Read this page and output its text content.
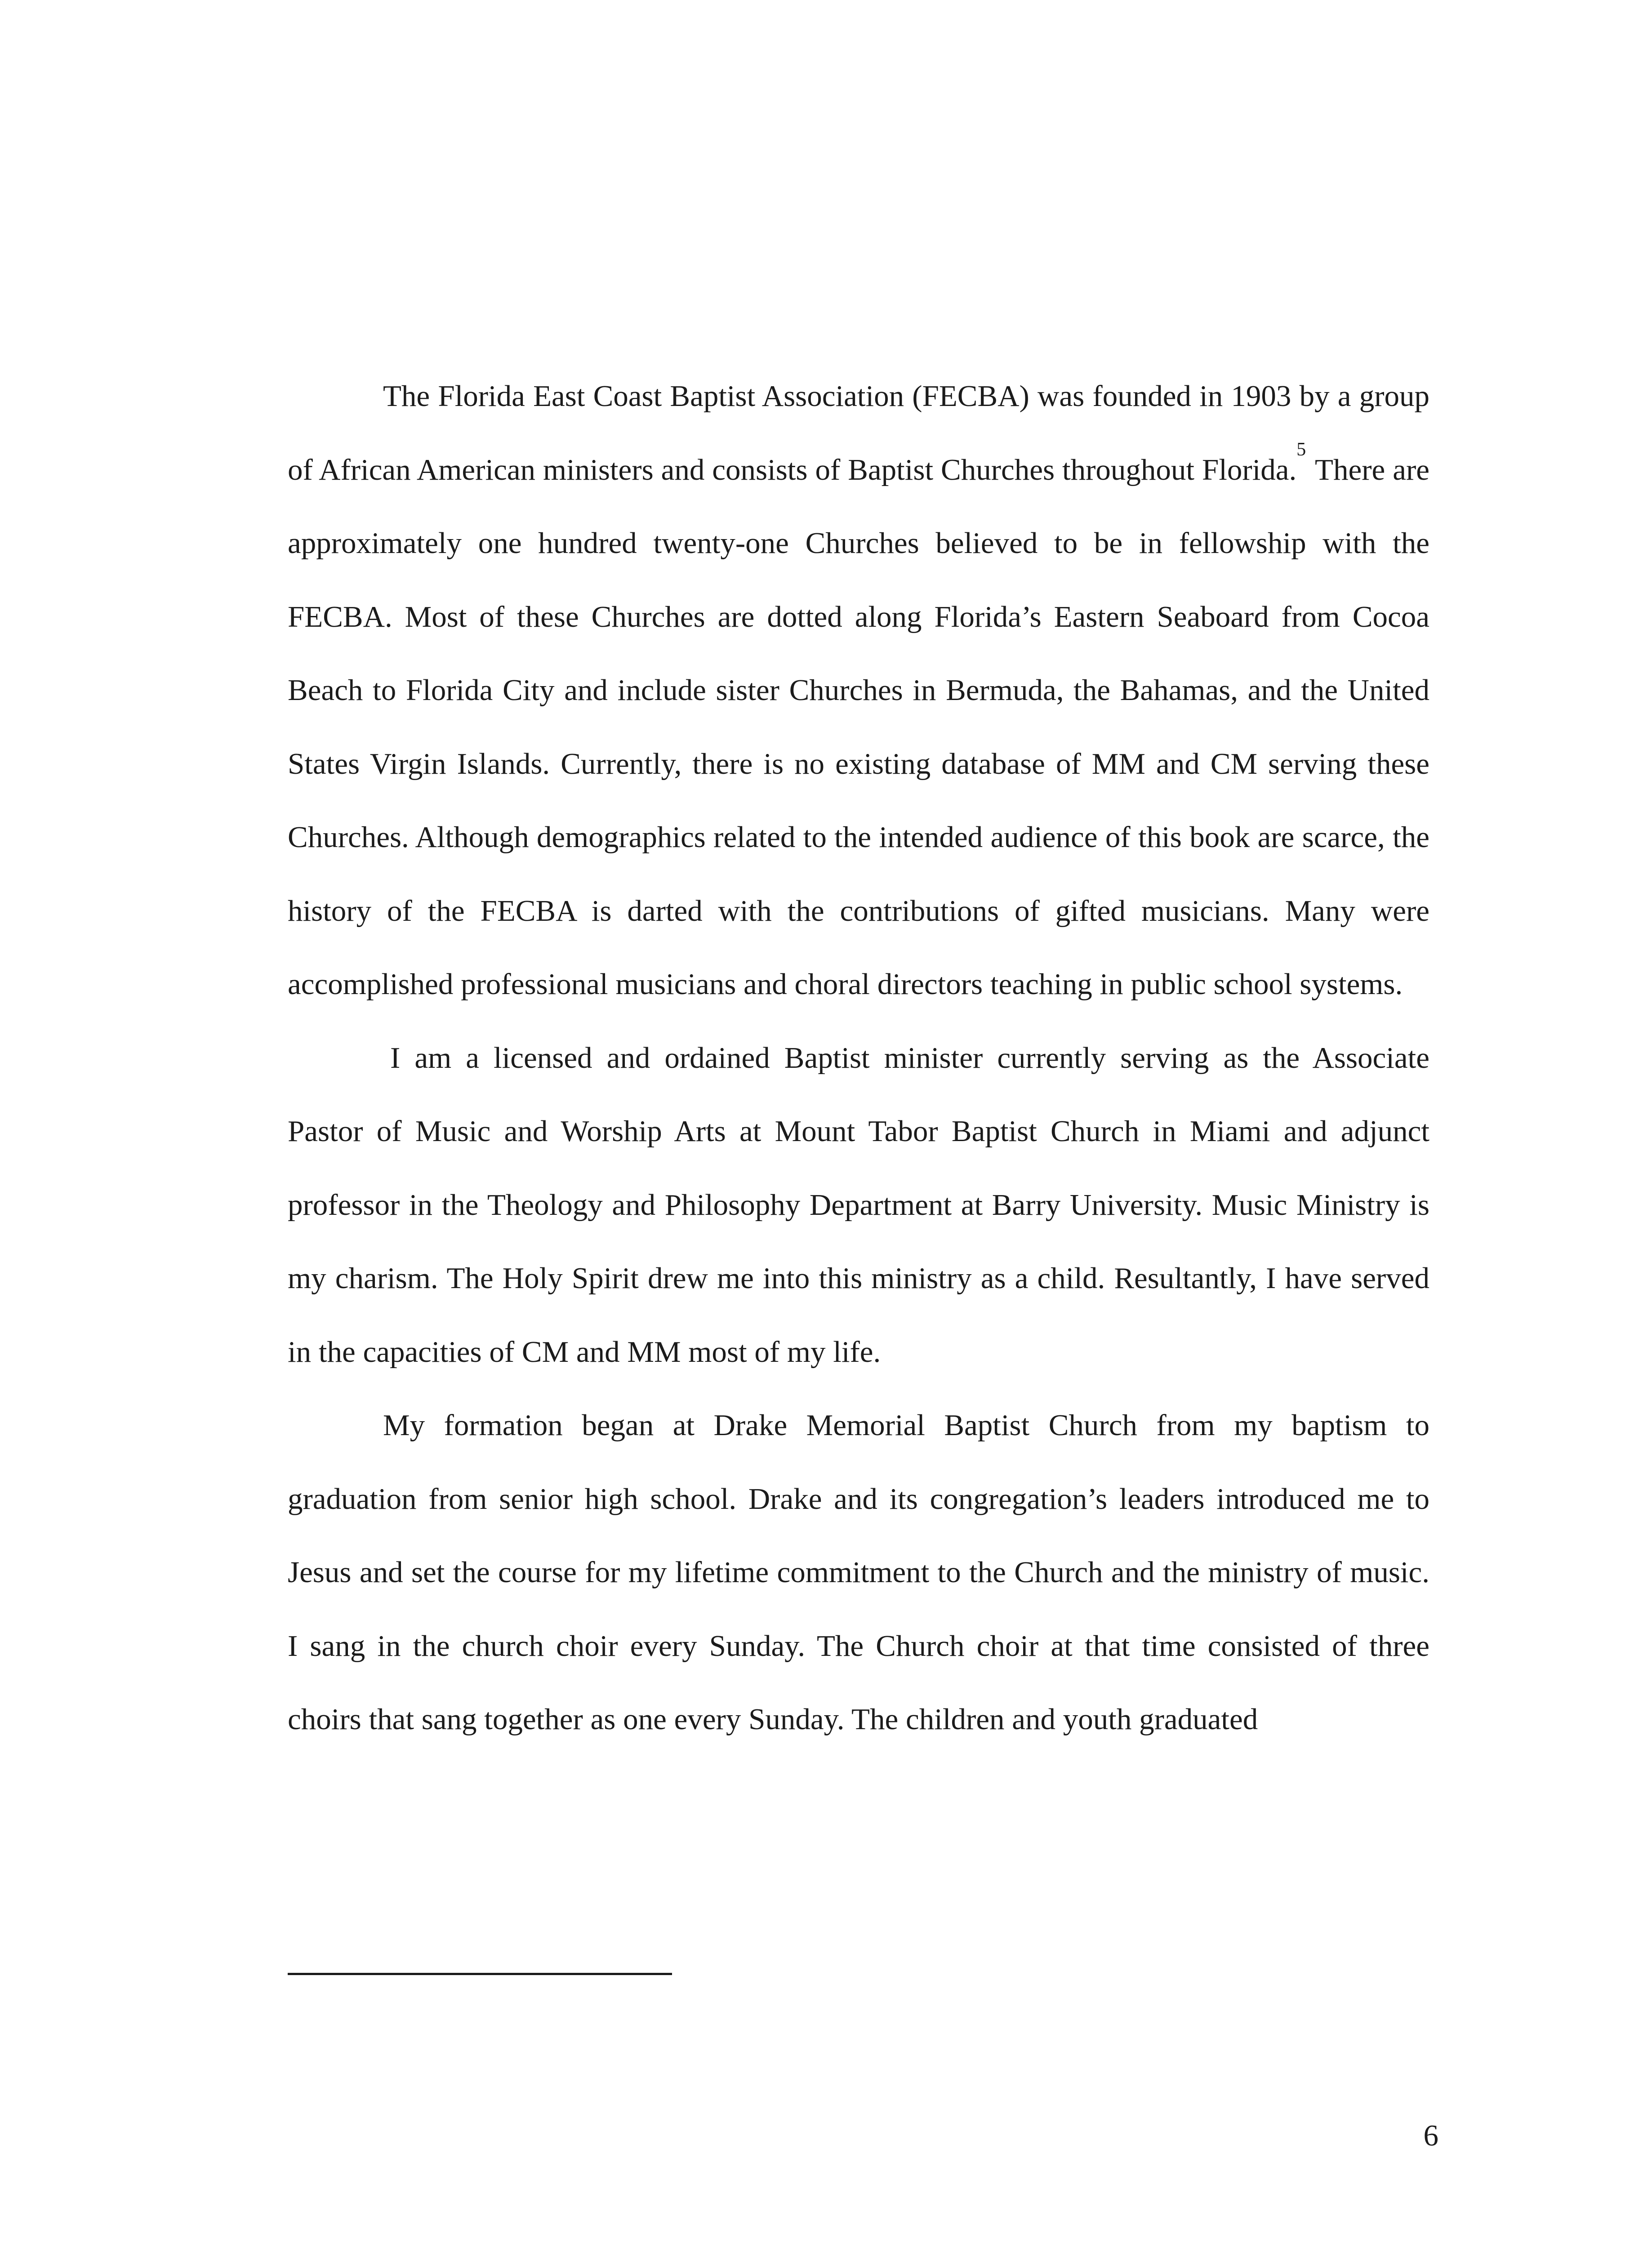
The Florida East Coast Baptist Association (FECBA) was founded in 1903 by a group of African American ministers and consists of Baptist Churches throughout Florida.$^5$ There are approximately one hundred twenty-one Churches believed to be in fellowship with the FECBA. Most of these Churches are dotted along Florida’s Eastern Seaboard from Cocoa Beach to Florida City and include sister Churches in Bermuda, the Bahamas, and the United States Virgin Islands. Currently, there is no existing database of MM and CM serving these Churches. Although demographics related to the intended audience of this book are scarce, the history of the FECBA is darted with the contributions of gifted musicians. Many were accomplished professional musicians and choral directors teaching in public school systems.

I am a licensed and ordained Baptist minister currently serving as the Associate Pastor of Music and Worship Arts at Mount Tabor Baptist Church in Miami and adjunct professor in the Theology and Philosophy Department at Barry University. Music Ministry is my charism. The Holy Spirit drew me into this ministry as a child. Resultantly, I have served in the capacities of CM and MM most of my life.

My formation began at Drake Memorial Baptist Church from my baptism to graduation from senior high school. Drake and its congregation’s leaders introduced me to Jesus and set the course for my lifetime commitment to the Church and the ministry of music. I sang in the church choir every Sunday. The Church choir at that time consisted of three choirs that sang together as one every Sunday. The children and youth graduated

6
